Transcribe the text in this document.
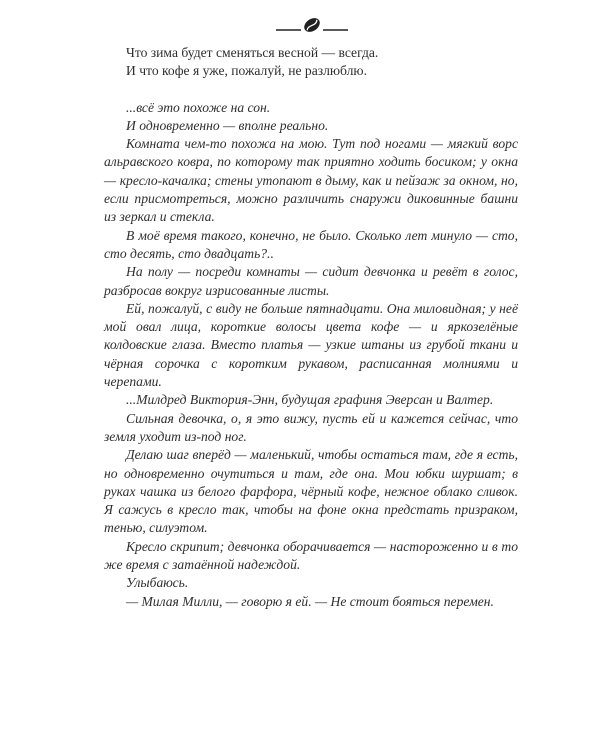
Что зима будет сменяться весной — всегда.

И что кофе я уже, пожалуй, не разлюблю.

...всё это похоже на сон.

И одновременно — вполне реально.

Комната чем-то похожа на мою. Тут под ногами — мягкий ворс альравского ковра, по которому так приятно ходить босиком; у окна — кресло-качалка; стены утопают в дыму, как и пейзаж за окном, но, если присмотреться, можно различить снаружи диковинные башни из зеркал и стекла.

В моё время такого, конечно, не было. Сколько лет минуло — сто, сто десять, сто двадцать?..

На полу — посреди комнаты — сидит девчонка и ревёт в голос, разбросав вокруг изрисованные листы.

Ей, пожалуй, с виду не больше пятнадцати. Она миловидная; у неё мой овал лица, короткие волосы цвета кофе — и яркозелёные колдовские глаза. Вместо платья — узкие штаны из грубой ткани и чёрная сорочка с коротким рукавом, расписанная молниями и черепами.

...Милдред Виктория-Энн, будущая графиня Эверсан и Валтер.

Сильная девочка, о, я это вижу, пусть ей и кажется сейчас, что земля уходит из-под ног.

Делаю шаг вперёд — маленький, чтобы остаться там, где я есть, но одновременно очутиться и там, где она. Мои юбки шуршат; в руках чашка из белого фарфора, чёрный кофе, нежное облако сливок. Я сажусь в кресло так, чтобы на фоне окна предстать призраком, тенью, силуэтом.

Кресло скрипит; девчонка оборачивается — настороженно и в то же время с затаённой надеждой.

Улыбаюсь.

— Милая Милли, — говорю я ей. — Не стоит бояться перемен.
